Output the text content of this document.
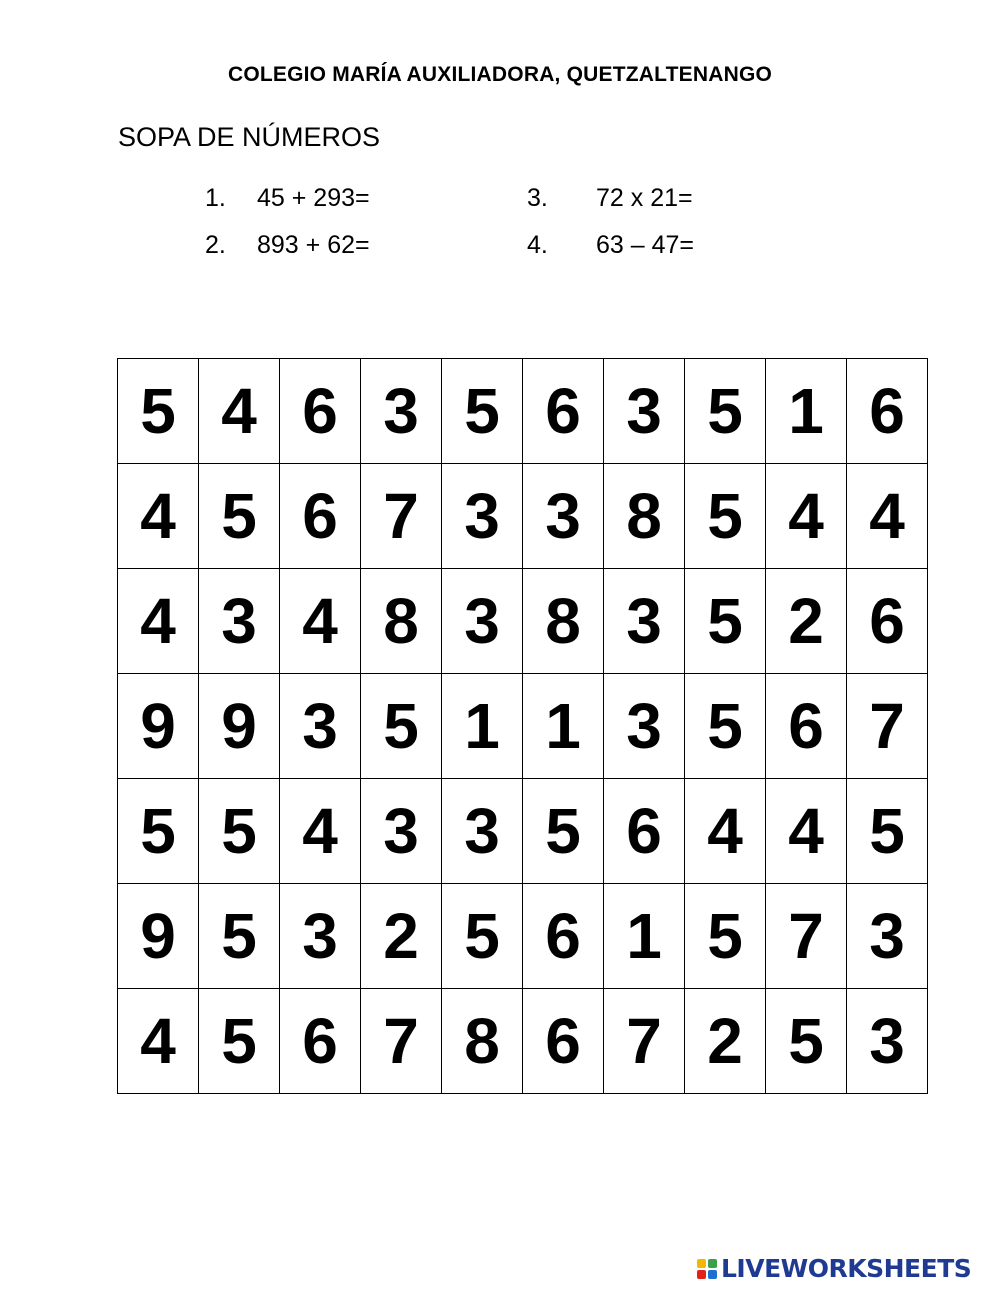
COLEGIO MARÍA AUXILIADORA, QUETZALTENANGO
SOPA DE NÚMEROS
1. 45 + 293=
2. 893 + 62=
3. 72 x 21=
4. 63 – 47=
5	4	6	3	5	6	3	5	1	6
4	5	6	7	3	3	8	5	4	4
4	3	4	8	3	8	3	5	2	6
9	9	3	5	1	1	3	5	6	7
5	5	4	3	3	5	6	4	4	5
9	5	3	2	5	6	1	5	7	3
4	5	6	7	8	6	7	2	5	3
LIVEWORKSHEETS
